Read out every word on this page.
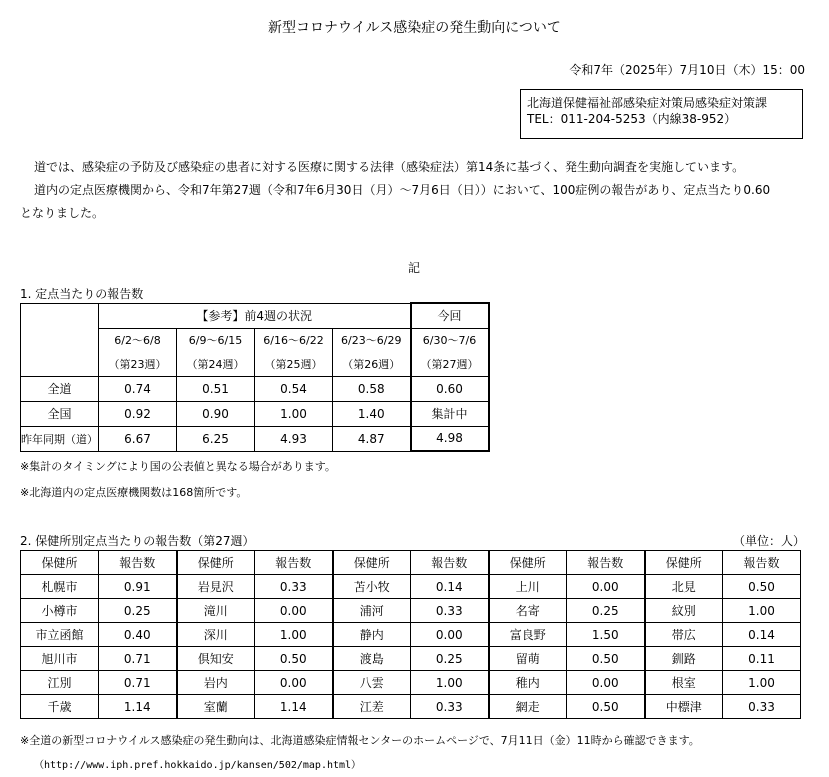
新型コロナウイルス感染症の発生動向について
令和7年（2025年）7月10日（木）15：00
北海道保健福祉部感染症対策局感染症対策課
TEL：011-204-5253（内線38-952）
道では、感染症の予防及び感染症の患者に対する医療に関する法律（感染症法）第14条に基づく、発生動向調査を実施しています。
道内の定点医療機関から、令和7年第27週（令和7年6月30日（月）～7月6日（日））において、100症例の報告があり、定点当たり0.60
となりました。
記
1. 定点当たりの報告数
	【参考】前4週の状況				今回
	6/2～6/8	6/9～6/15	6/16～6/22	6/23～6/29	6/30～7/6
	（第23週）	（第24週）	（第25週）	（第26週）	（第27週）
全道	0.74	0.51	0.54	0.58	0.60
全国	0.92	0.90	1.00	1.40	集計中
昨年同期（道）	6.67	6.25	4.93	4.87	4.98
※集計のタイミングにより国の公表値と異なる場合があります。
※北海道内の定点医療機関数は168箇所です。
2. 保健所別定点当たりの報告数（第27週）	（単位：人）
保健所	報告数	保健所	報告数	保健所	報告数	保健所	報告数	保健所	報告数
札幌市	0.91	岩見沢	0.33	苫小牧	0.14	上川	0.00	北見	0.50
小樽市	0.25	滝川	0.00	浦河	0.33	名寄	0.25	紋別	1.00
市立函館	0.40	深川	1.00	静内	0.00	富良野	1.50	帯広	0.14
旭川市	0.71	倶知安	0.50	渡島	0.25	留萌	0.50	釧路	0.11
江別	0.71	岩内	0.00	八雲	1.00	稚内	0.00	根室	1.00
千歳	1.14	室蘭	1.14	江差	0.33	網走	0.50	中標津	0.33
※全道の新型コロナウイルス感染症の発生動向は、北海道感染症情報センターのホームページで、7月11日（金）11時から確認できます。
（http://www.iph.pref.hokkaido.jp/kansen/502/map.html）
